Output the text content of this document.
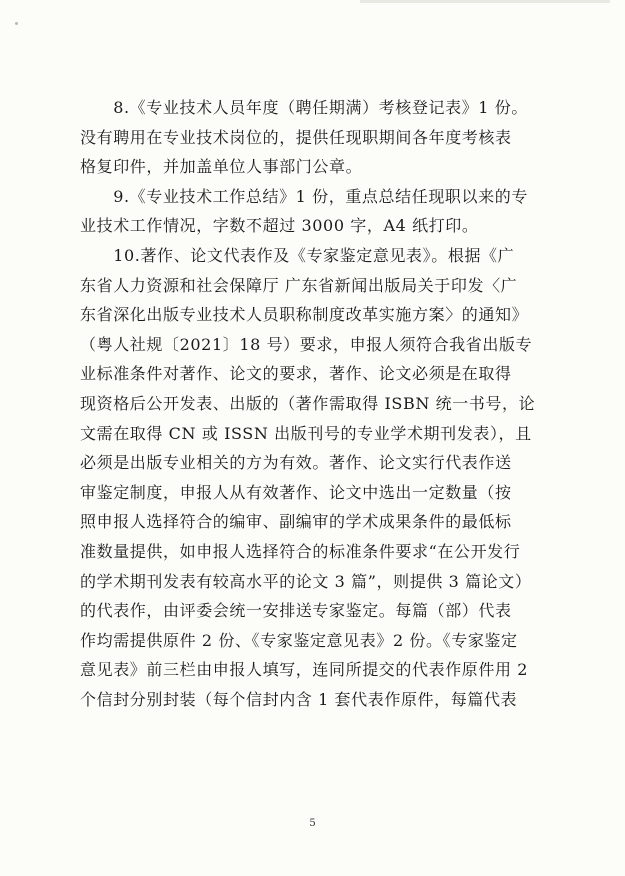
　　8.《专业技术人员年度（聘任期满）考核登记表》1 份。
没有聘用在专业技术岗位的，提供任现职期间各年度考核表
格复印件，并加盖单位人事部门公章。
　　9.《专业技术工作总结》1 份，重点总结任现职以来的专
业技术工作情况，字数不超过 3000 字，A4 纸打印。
　　10.著作、论文代表作及《专家鉴定意见表》。根据《广
东省人力资源和社会保障厅 广东省新闻出版局关于印发〈广
东省深化出版专业技术人员职称制度改革实施方案〉的通知》
（粤人社规〔2021〕18 号）要求，申报人须符合我省出版专
业标准条件对著作、论文的要求，著作、论文必须是在取得
现资格后公开发表、出版的（著作需取得 ISBN 统一书号，论
文需在取得 CN 或 ISSN 出版刊号的专业学术期刊发表），且
必须是出版专业相关的方为有效。著作、论文实行代表作送
审鉴定制度，申报人从有效著作、论文中选出一定数量（按
照申报人选择符合的编审、副编审的学术成果条件的最低标
准数量提供，如申报人选择符合的标准条件要求“在公开发行
的学术期刊发表有较高水平的论文 3 篇”，则提供 3 篇论文）
的代表作，由评委会统一安排送专家鉴定。每篇（部）代表
作均需提供原件 2 份、《专家鉴定意见表》2 份。《专家鉴定
意见表》前三栏由申报人填写，连同所提交的代表作原件用 2
个信封分别封装（每个信封内含 1 套代表作原件，每篇代表
5
